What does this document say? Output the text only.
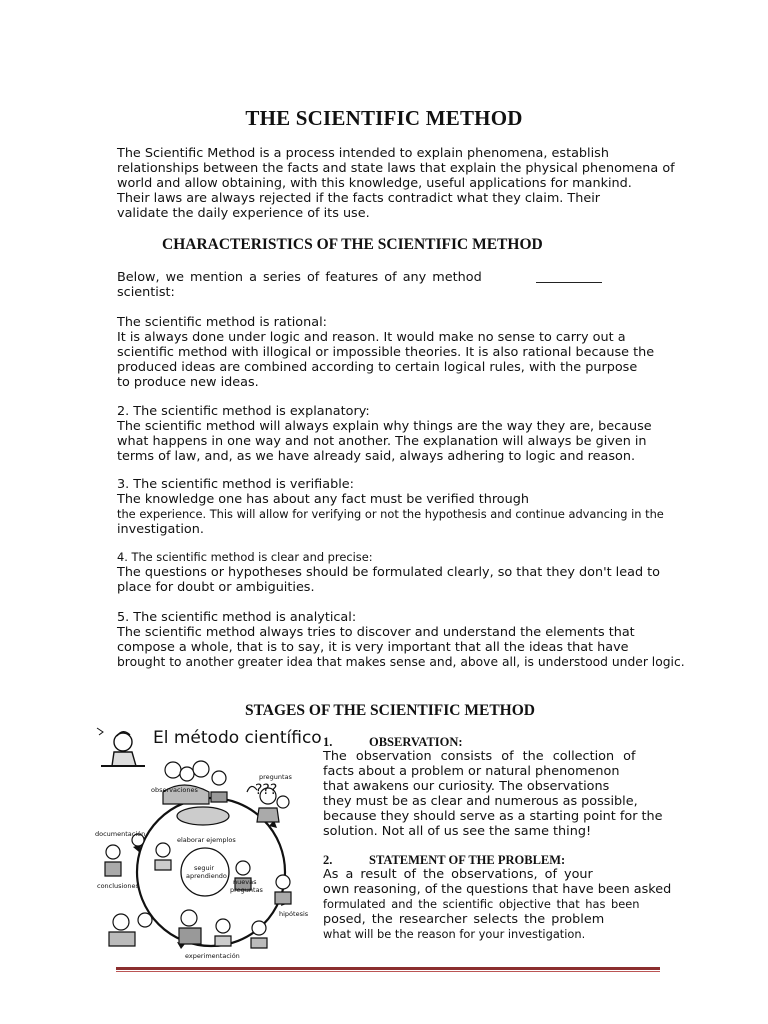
THE SCIENTIFIC METHOD
The Scientific Method is a process intended to explain phenomena, establish
relationships between the facts and state laws that explain the physical phenomena of
world and allow obtaining, with this knowledge, useful applications for mankind.
Their laws are always rejected if the facts contradict what they claim. Their
validate the daily experience of its use.
CHARACTERISTICS OF THE SCIENTIFIC METHOD
Below, we mention a series of features of any method
scientist:
The scientific method is rational:
It is always done under logic and reason. It would make no sense to carry out a
scientific method with illogical or impossible theories. It is also rational because the
produced ideas are combined according to certain logical rules, with the purpose
to produce new ideas.
2. The scientific method is explanatory:
The scientific method will always explain why things are the way they are, because
what happens in one way and not another. The explanation will always be given in
terms of law, and, as we have already said, always adhering to logic and reason.
3. The scientific method is verifiable:
The knowledge one has about any fact must be verified through
the experience. This will allow for verifying or not the hypothesis and continue advancing in the
investigation.
4. The scientific method is clear and precise:
The questions or hypotheses should be formulated clearly, so that they don't lead to
place for doubt or ambiguities.
5. The scientific method is analytical:
The scientific method always tries to discover and understand the elements that
compose a whole, that is to say, it is very important that all the ideas that have
brought to another greater idea that makes sense and, above all, is understood under logic.
STAGES OF THE SCIENTIFIC METHOD
El método científico
???
observaciones
preguntas
documentación
elaborar ejemplos
seguir
aprendiendo
nuevas
preguntas
conclusiones
hipótesis
experimentación
1.	OBSERVATION:
The observation consists of the collection of
facts about a problem or natural phenomenon
that awakens our curiosity. The observations
they must be as clear and numerous as possible,
because they should serve as a starting point for the
solution. Not all of us see the same thing!
2.	STATEMENT OF THE PROBLEM:
As a result of the observations, of your
own reasoning, of the questions that have been asked
formulated and the scientific objective that has been
posed, the researcher selects the problem
what will be the reason for your investigation.
